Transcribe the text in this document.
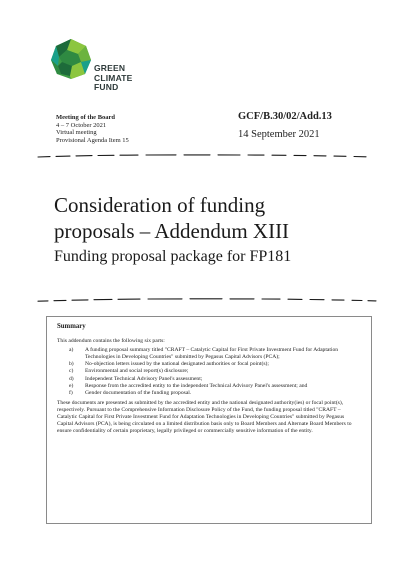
GREEN
CLIMATE
FUND
Meeting of the Board
4 – 7 October 2021
Virtual meeting
Provisional Agenda Item 15
GCF/B.30/02/Add.13
14 September 2021
Consideration of funding
proposals – Addendum XIII
Funding proposal package for FP181
Summary
This addendum contains the following six parts:
a) A funding proposal summary titled "CRAFT – Catalytic Capital for First Private Investment Fund for Adaptation Technologies in Developing Countries" submitted by Pegasus Capital Advisors (PCA);
b) No-objection letters issued by the national designated authorities or focal point(s);
c) Environmental and social report(s) disclosure;
d) Independent Technical Advisory Panel's assessment;
e) Response from the accredited entity to the independent Technical Advisory Panel's assessment; and
f) Gender documentation of the funding proposal.
These documents are presented as submitted by the accredited entity and the national designated authority(ies) or focal point(s), respectively. Pursuant to the Comprehensive Information Disclosure Policy of the Fund, the funding proposal titled "CRAFT – Catalytic Capital for First Private Investment Fund for Adaptation Technologies in Developing Countries" submitted by Pegasus Capital Advisors (PCA), is being circulated on a limited distribution basis only to Board Members and Alternate Board Members to ensure confidentiality of certain proprietary, legally privileged or commercially sensitive information of the entity.
